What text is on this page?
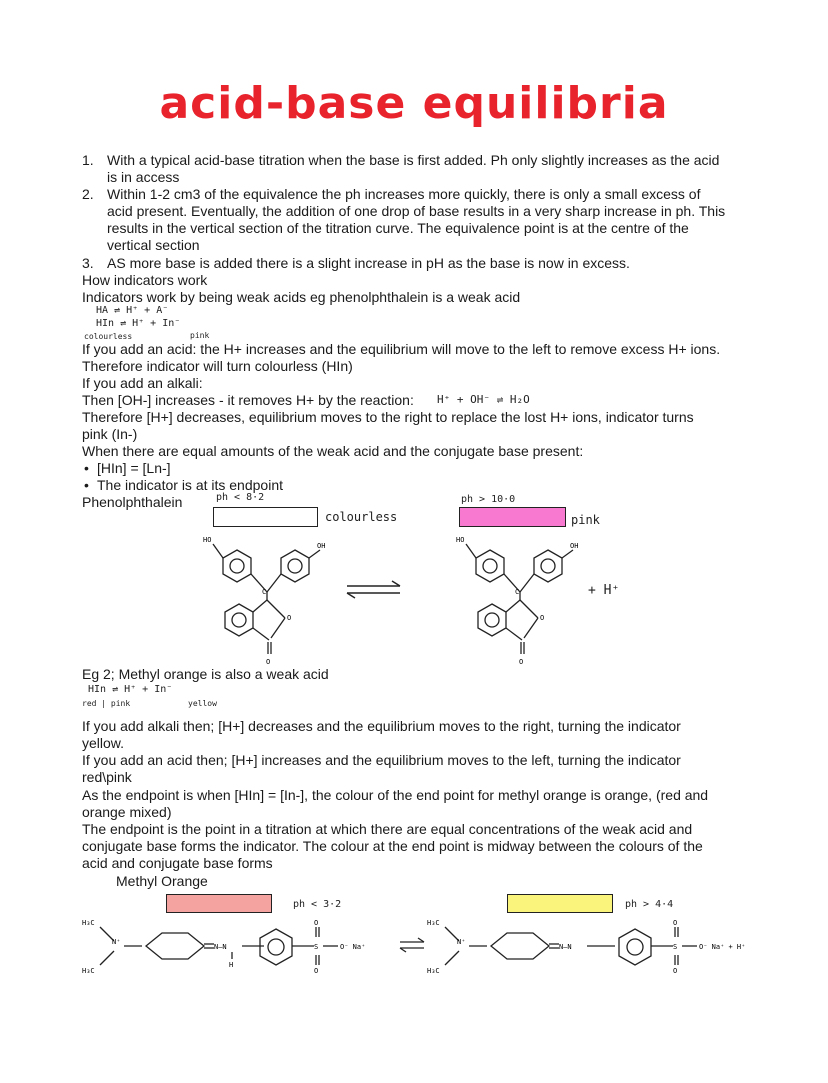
acid-base equilibria
1. With a typical acid-base titration when the base is first added. Ph only slightly increases as the acid
is in access
2. Within 1-2 cm3 of the equivalence the ph increases more quickly, there is only a small excess of
acid present. Eventually, the addition of one drop of base results in a very sharp increase in ph. This
results in the vertical section of the titration curve. The equivalence point is at the centre of the
vertical section
3. AS more base is added there is a slight increase in pH as the base is now in excess.
How indicators work
Indicators work by being weak acids eg phenolphthalein is a weak acid
HA ⇌ H⁺ + A⁻
HIn ⇌ H⁺ + In⁻
colourless	pink
If you add an acid: the H+ increases and the equilibrium will move to the left to remove excess H+ ions.
Therefore indicator will turn colourless (HIn)
If you add an alkali:
Then [OH-] increases - it removes H+ by the reaction: H⁺ + OH⁻ ⇌ H₂O
Therefore [H+] decreases, equilibrium moves to the right to replace the lost H+ ions, indicator turns
pink (In-)
When there are equal amounts of the weak acid and the conjugate base present:
• [HIn] = [Ln-]
• The indicator is at its endpoint
Phenolphthalein	ph < 8·2
colourless
ph > 10·0
pink
HO
OH
C
O
O
HO
OH
C
O
O
+ H⁺
Eg 2; Methyl orange is also a weak acid
HIn ⇌ H⁺ + In⁻
red | pink	yellow
If you add alkali then; [H+] decreases and the equilibrium moves to the right, turning the indicator
yellow.
If you add an acid then; [H+] increases and the equilibrium moves to the left, turning the indicator
red\pink
As the endpoint is when [HIn] = [In-], the colour of the end point for methyl orange is orange, (red and
orange mixed)
The endpoint is the point in a titration at which there are equal concentrations of the weak acid and
conjugate base forms the indicator. The colour at the end point is midway between the colours of the
acid and conjugate base forms
Methyl Orange
ph < 3·2	ph > 4·4
H₃C
H₃C
N⁺
N—N
H
S
O
O
O⁻ Na⁺
H₃C
H₃C
N⁺
N—N	S
O
O
O⁻ Na⁺ + H⁺
